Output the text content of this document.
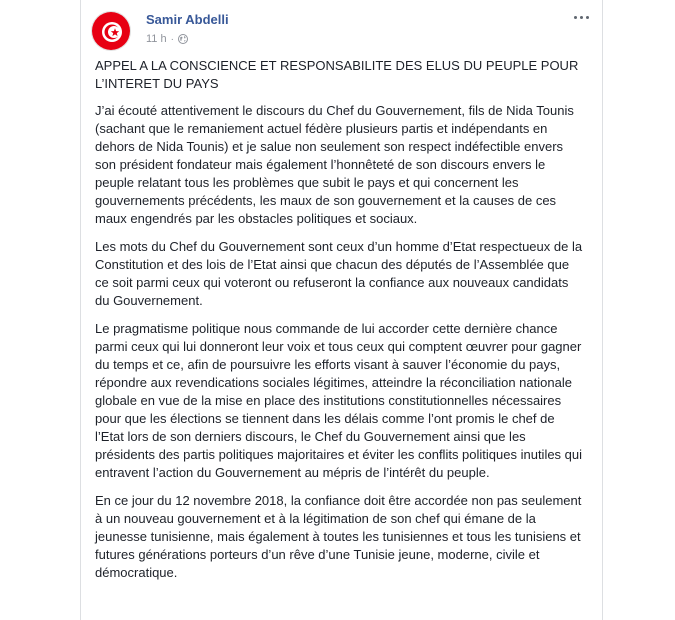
Samir Abdelli
11 h ·

APPEL A LA CONSCIENCE ET RESPONSABILITE DES ELUS DU PEUPLE POUR L’INTERET DU PAYS

J’ai écouté attentivement le discours du Chef du Gouvernement, fils de Nida Tounis (sachant que le remaniement actuel fédère plusieurs partis et indépendants en dehors de Nida Tounis) et je salue non seulement son respect indéfectible envers son président fondateur mais également l’honnêteté de son discours envers le peuple relatant tous les problèmes que subit le pays et qui concernent les gouvernements précédents, les maux de son gouvernement et la causes de ces maux engendrés par les obstacles politiques et sociaux.

Les mots du Chef du Gouvernement sont ceux d’un homme d’Etat respectueux de la Constitution et des lois de l’Etat ainsi que chacun des députés de l’Assemblée que ce soit parmi ceux qui voteront ou refuseront la confiance aux nouveaux candidats du Gouvernement.

Le pragmatisme politique nous commande de lui accorder cette dernière chance parmi ceux qui lui donneront leur voix et tous ceux qui comptent œuvrer pour gagner du temps et ce, afin de poursuivre les efforts visant à sauver l’économie du pays, répondre aux revendications sociales légitimes, atteindre la réconciliation nationale globale en vue de la mise en place des institutions constitutionnelles nécessaires pour que les élections se tiennent dans les délais comme l’ont promis le chef de l’Etat lors de son derniers discours, le Chef du Gouvernement ainsi que les présidents des partis politiques majoritaires et éviter les conflits politiques inutiles qui entravent l’action du Gouvernement au mépris de l’intérêt du peuple.

En ce jour du 12 novembre 2018, la confiance doit être accordée non pas seulement à un nouveau gouvernement et à la légitimation de son chef qui émane de la jeunesse tunisienne, mais également à toutes les tunisiennes et tous les tunisiens et futures générations porteurs d’un rêve d’une Tunisie jeune, moderne, civile et démocratique.
